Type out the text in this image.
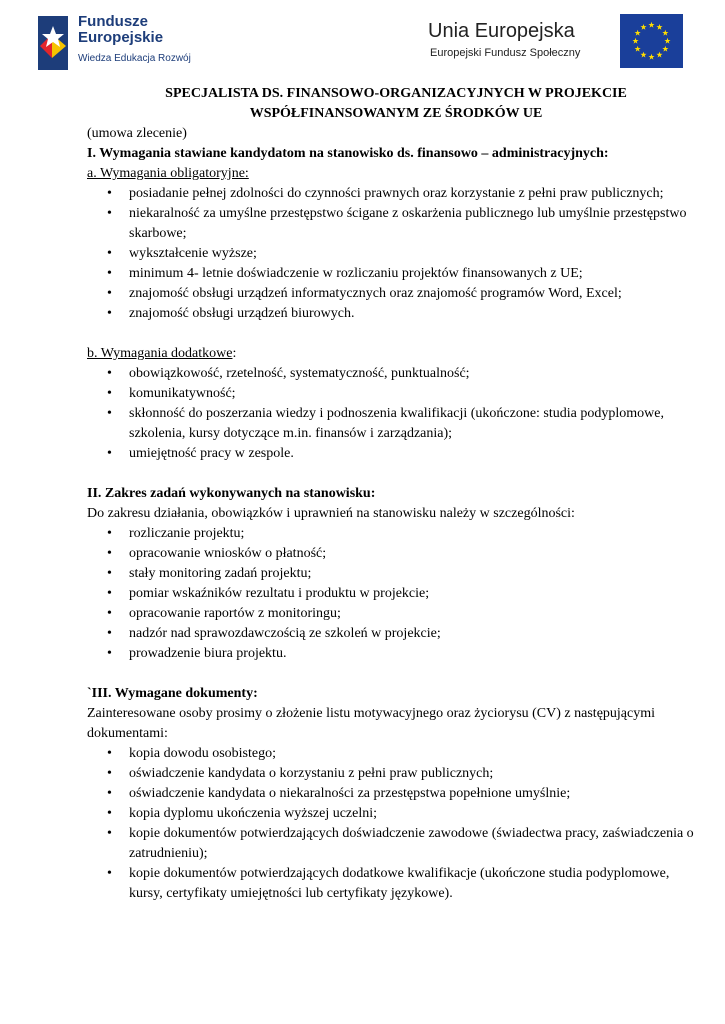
Fundusze
Europejskie
Wiedza Edukacja Rozwój
Unia Europejska
Europejski Fundusz Społeczny
SPECJALISTA DS. FINANSOWO-ORGANIZACYJNYCH W PROJEKCIE
WSPÓŁFINANSOWANYM ZE ŚRODKÓW UE

(umowa zlecenie)

I. Wymagania stawiane kandydatom na stanowisko ds. finansowo – administracyjnych:

a. Wymagania obligatoryjne:

• posiadanie pełnej zdolności do czynności prawnych oraz korzystanie z pełni praw publicznych;
• niekaralność za umyślne przestępstwo ścigane z oskarżenia publicznego lub umyślnie przestępstwo skarbowe;
• wykształcenie wyższe;
• minimum 4- letnie doświadczenie w rozliczaniu projektów finansowanych z UE;
• znajomość obsługi urządzeń informatycznych oraz znajomość programów Word, Excel;
• znajomość obsługi urządzeń biurowych.

b. Wymagania dodatkowe:

• obowiązkowość, rzetelność, systematyczność, punktualność;
• komunikatywność;
• skłonność do poszerzania wiedzy i podnoszenia kwalifikacji (ukończone: studia podyplomowe, szkolenia, kursy dotyczące m.in. finansów i zarządzania);
• umiejętność pracy w zespole.

II. Zakres zadań wykonywanych na stanowisku:

Do zakresu działania, obowiązków i uprawnień na stanowisku należy w szczególności:

• rozliczanie projektu;
• opracowanie wniosków o płatność;
• stały monitoring zadań projektu;
• pomiar wskaźników rezultatu i produktu w projekcie;
• opracowanie raportów z monitoringu;
• nadzór nad sprawozdawczością ze szkoleń w projekcie;
• prowadzenie biura projektu.

`III. Wymagane dokumenty:

Zainteresowane osoby prosimy o złożenie listu motywacyjnego oraz życiorysu (CV) z następującymi dokumentami:

• kopia dowodu osobistego;
• oświadczenie kandydata o korzystaniu z pełni praw publicznych;
• oświadczenie kandydata o niekaralności za przestępstwa popełnione umyślnie;
• kopia dyplomu ukończenia wyższej uczelni;
• kopie dokumentów potwierdzających doświadczenie zawodowe (świadectwa pracy, zaświadczenia o zatrudnieniu);
• kopie dokumentów potwierdzających dodatkowe kwalifikacje (ukończone studia podyplomowe, kursy, certyfikaty umiejętności lub certyfikaty językowe).
